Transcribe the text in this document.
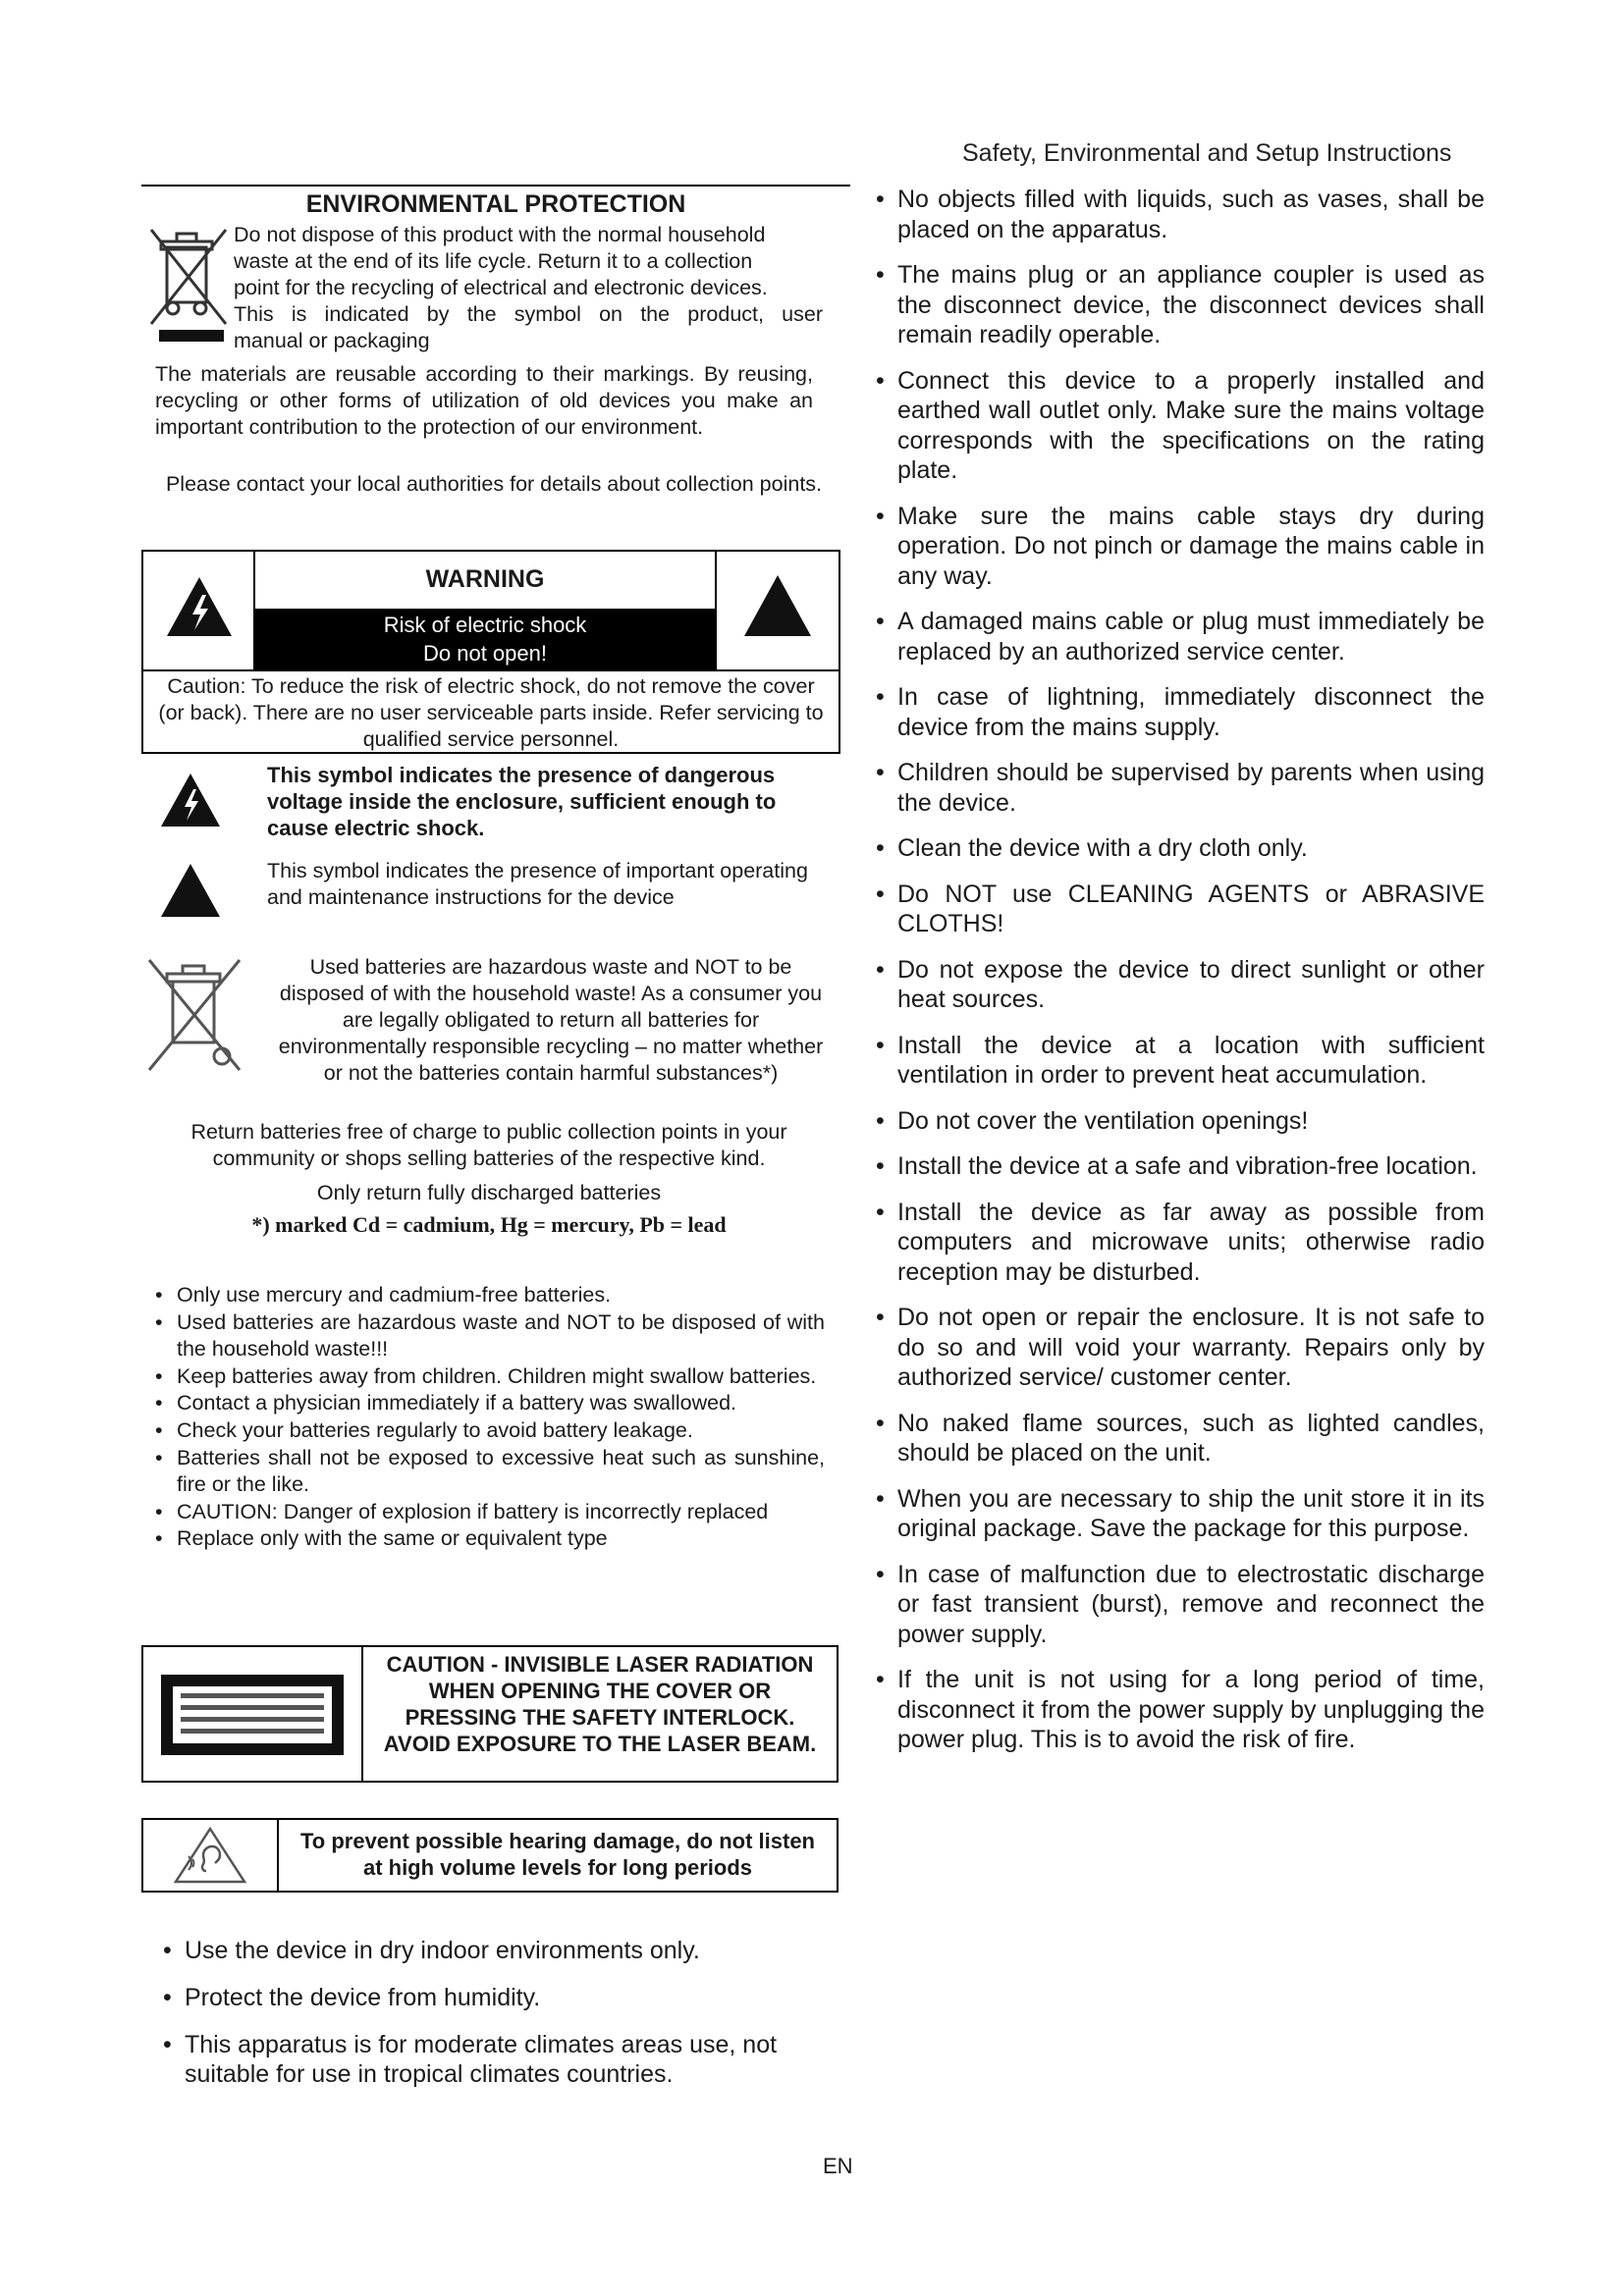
Safety, Environmental and Setup Instructions
ENVIRONMENTAL PROTECTION
Do not dispose of this product with the normal household
waste at the end of its life cycle. Return it to a collection
point for the recycling of electrical and electronic devices.
This is indicated by the symbol on the product, user
manual or packaging
The materials are reusable according to their markings. By reusing, recycling or other forms of utilization of old devices you make an important contribution to the protection of our environment.
Please contact your local authorities for details about collection points.
WARNING
Risk of electric shock
Do not open!
Caution: To reduce the risk of electric shock, do not remove the cover (or back). There are no user serviceable parts inside. Refer servicing to qualified service personnel.
This symbol indicates the presence of dangerous voltage inside the enclosure, sufficient enough to cause electric shock.
This symbol indicates the presence of important operating and maintenance instructions for the device
Used batteries are hazardous waste and NOT to be disposed of with the household waste! As a consumer you are legally obligated to return all batteries for environmentally responsible recycling – no matter whether or not the batteries contain harmful substances*)
Return batteries free of charge to public collection points in your community or shops selling batteries of the respective kind.
Only return fully discharged batteries
*) marked Cd = cadmium, Hg = mercury, Pb = lead
• Only use mercury and cadmium-free batteries.
• Used batteries are hazardous waste and NOT to be disposed of with the household waste!!!
• Keep batteries away from children. Children might swallow batteries.
• Contact a physician immediately if a battery was swallowed.
• Check your batteries regularly to avoid battery leakage.
• Batteries shall not be exposed to excessive heat such as sunshine, fire or the like.
• CAUTION: Danger of explosion if battery is incorrectly replaced
• Replace only with the same or equivalent type
CAUTION - INVISIBLE LASER RADIATION WHEN OPENING THE COVER OR PRESSING THE SAFETY INTERLOCK. AVOID EXPOSURE TO THE LASER BEAM.
To prevent possible hearing damage, do not listen at high volume levels for long periods
• Use the device in dry indoor environments only.
• Protect the device from humidity.
• This apparatus is for moderate climates areas use, not suitable for use in tropical climates countries.
• No objects filled with liquids, such as vases, shall be placed on the apparatus.
• The mains plug or an appliance coupler is used as the disconnect device, the disconnect devices shall remain readily operable.
• Connect this device to a properly installed and earthed wall outlet only. Make sure the mains voltage corresponds with the specifications on the rating plate.
• Make sure the mains cable stays dry during operation. Do not pinch or damage the mains cable in any way.
• A damaged mains cable or plug must immediately be replaced by an authorized service center.
• In case of lightning, immediately disconnect the device from the mains supply.
• Children should be supervised by parents when using the device.
• Clean the device with a dry cloth only.
• Do NOT use CLEANING AGENTS or ABRASIVE CLOTHS!
• Do not expose the device to direct sunlight or other heat sources.
• Install the device at a location with sufficient ventilation in order to prevent heat accumulation.
• Do not cover the ventilation openings!
• Install the device at a safe and vibration-free location.
• Install the device as far away as possible from computers and microwave units; otherwise radio reception may be disturbed.
• Do not open or repair the enclosure. It is not safe to do so and will void your warranty. Repairs only by authorized service/ customer center.
• No naked flame sources, such as lighted candles, should be placed on the unit.
• When you are necessary to ship the unit store it in its original package. Save the package for this purpose.
• In case of malfunction due to electrostatic discharge or fast transient (burst), remove and reconnect the power supply.
• If the unit is not using for a long period of time, disconnect it from the power supply by unplugging the power plug. This is to avoid the risk of fire.
EN
